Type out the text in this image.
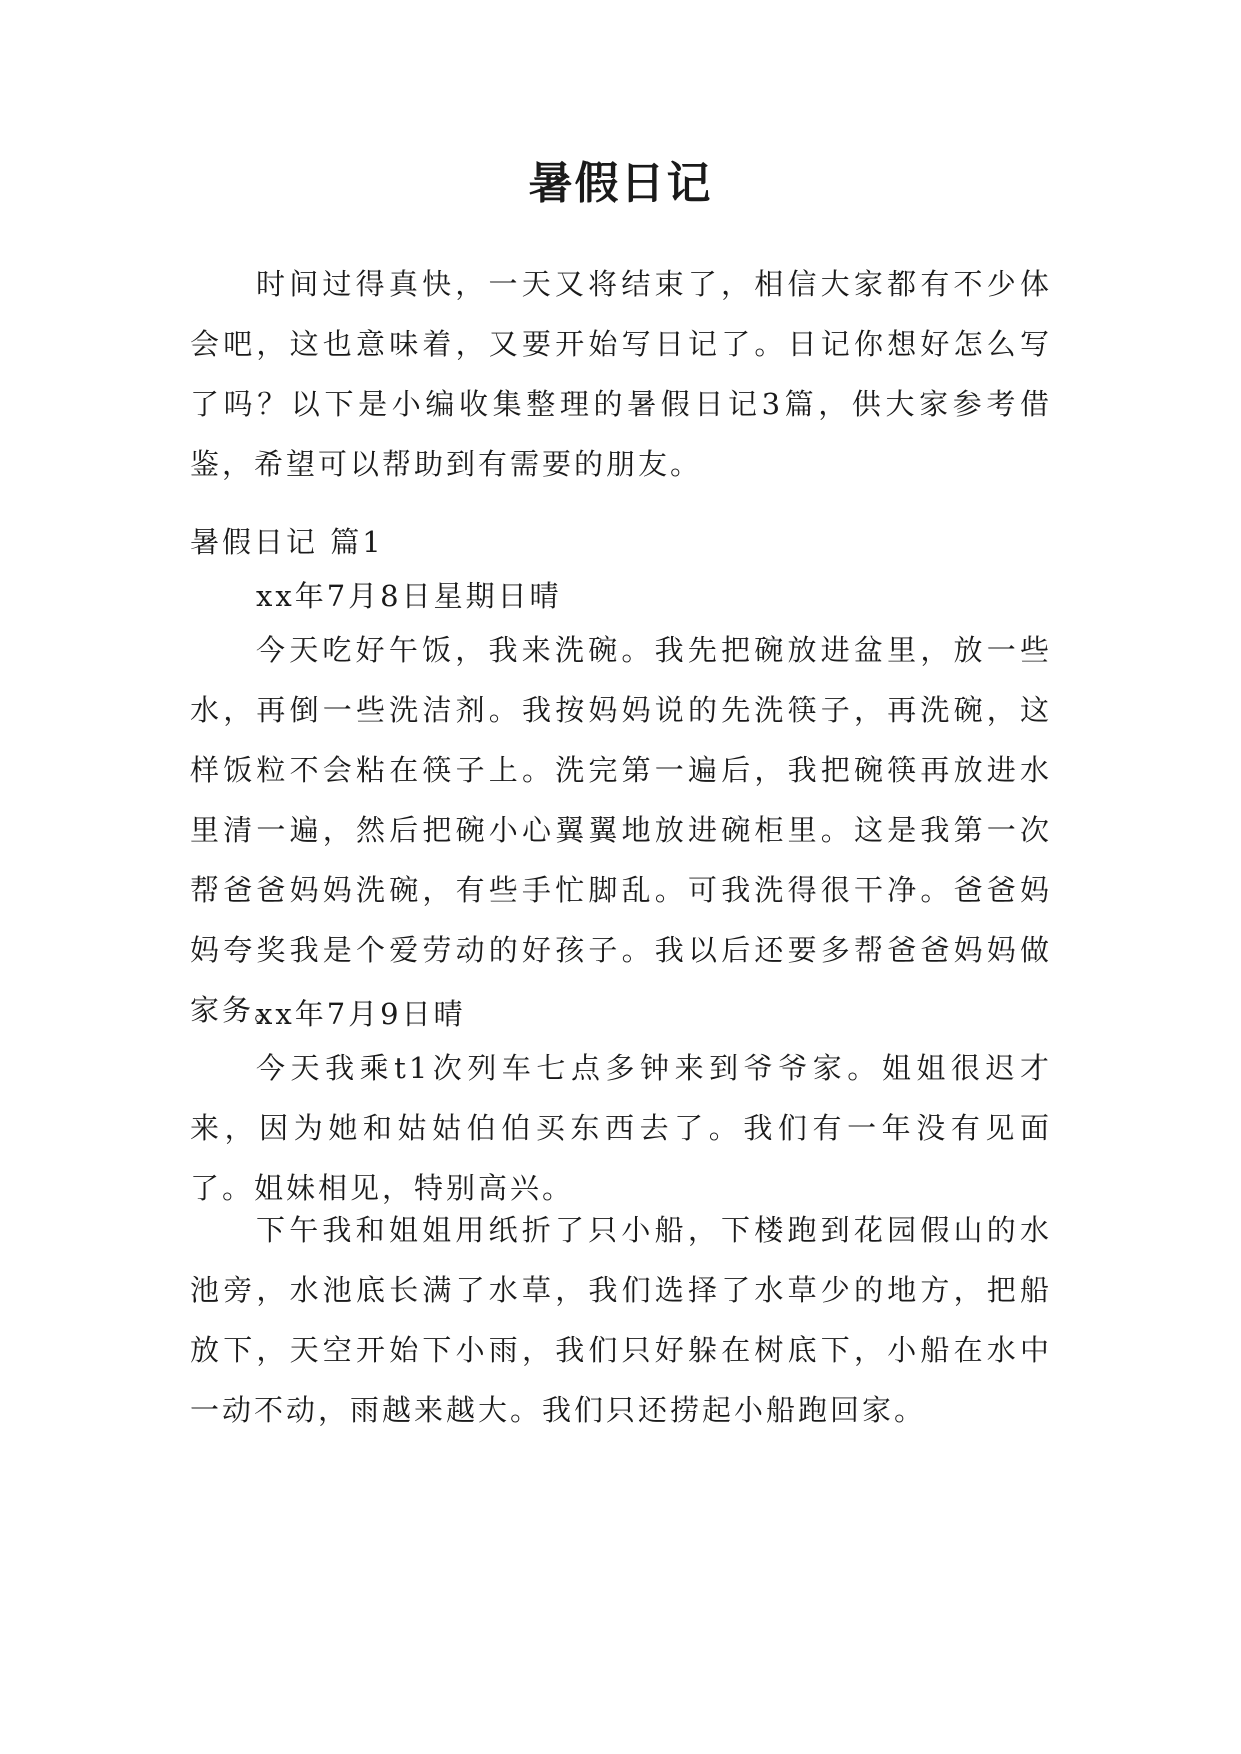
暑假日记

时间过得真快，一天又将结束了，相信大家都有不少体会吧，这也意味着，又要开始写日记了。日记你想好怎么写了吗？以下是小编收集整理的暑假日记3篇，供大家参考借鉴，希望可以帮助到有需要的朋友。

暑假日记 篇1

xx年7月8日星期日晴

今天吃好午饭，我来洗碗。我先把碗放进盆里，放一些水，再倒一些洗洁剂。我按妈妈说的先洗筷子，再洗碗，这样饭粒不会粘在筷子上。洗完第一遍后，我把碗筷再放进水里清一遍，然后把碗小心翼翼地放进碗柜里。这是我第一次帮爸爸妈妈洗碗，有些手忙脚乱。可我洗得很干净。爸爸妈妈夸奖我是个爱劳动的好孩子。我以后还要多帮爸爸妈妈做家务。

xx年7月9日晴

今天我乘t1次列车七点多钟来到爷爷家。姐姐很迟才来，因为她和姑姑伯伯买东西去了。我们有一年没有见面了。姐妹相见，特别高兴。

下午我和姐姐用纸折了只小船，下楼跑到花园假山的水池旁，水池底长满了水草，我们选择了水草少的地方，把船放下，天空开始下小雨，我们只好躲在树底下，小船在水中一动不动，雨越来越大。我们只还捞起小船跑回家。
